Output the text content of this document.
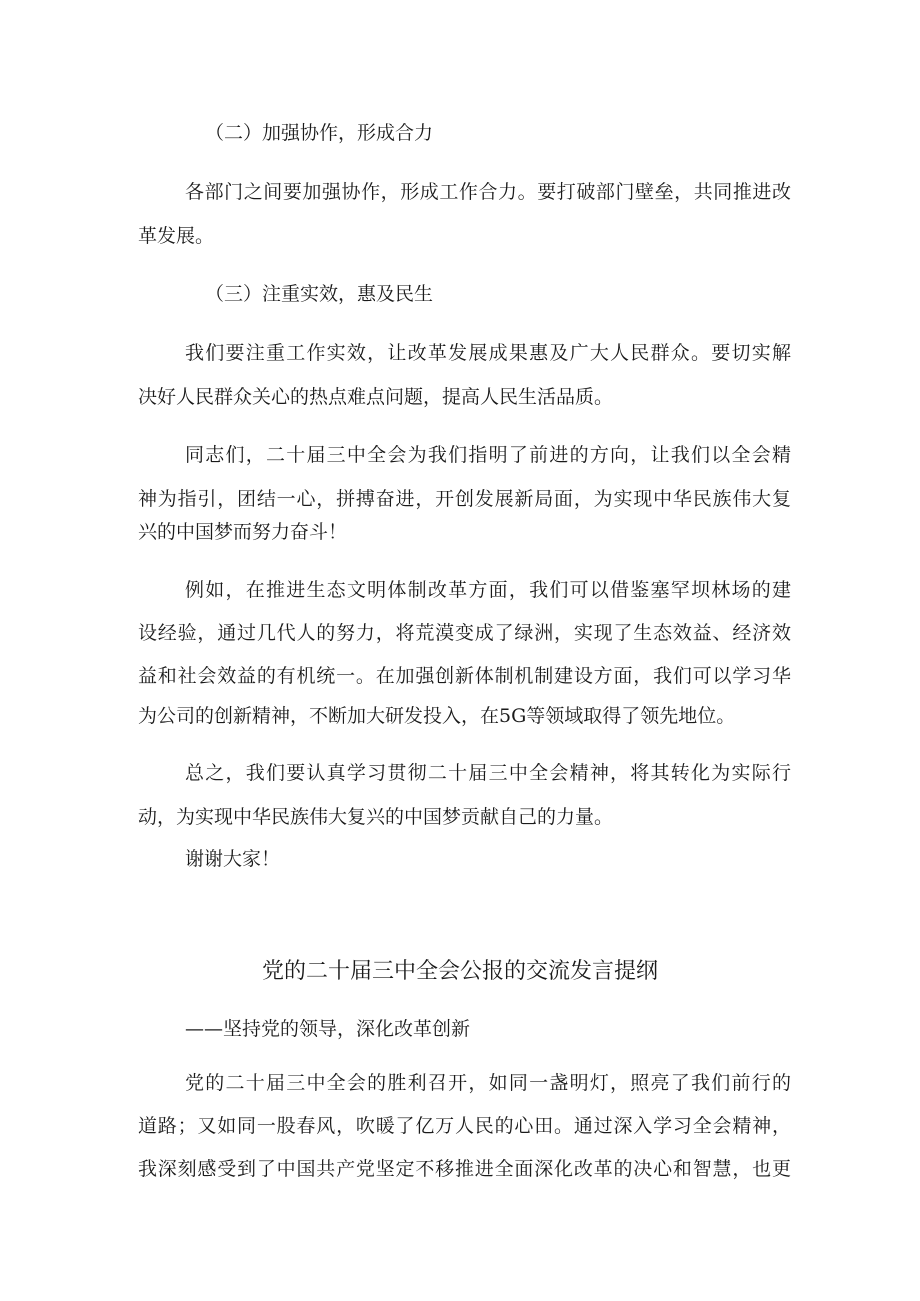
（二）加强协作，形成合力
各部门之间要加强协作，形成工作合力。要打破部门壁垒，共同推进改
革发展。
（三）注重实效，惠及民生
我们要注重工作实效，让改革发展成果惠及广大人民群众。要切实解
决好人民群众关心的热点难点问题，提高人民生活品质。
同志们，二十届三中全会为我们指明了前进的方向，让我们以全会精
神为指引，团结一心，拼搏奋进，开创发展新局面，为实现中华民族伟大复
兴的中国梦而努力奋斗！
例如，在推进生态文明体制改革方面，我们可以借鉴塞罕坝林场的建
设经验，通过几代人的努力，将荒漠变成了绿洲，实现了生态效益、经济效
益和社会效益的有机统一。在加强创新体制机制建设方面，我们可以学习华
为公司的创新精神，不断加大研发投入，在5G等领域取得了领先地位。
总之，我们要认真学习贯彻二十届三中全会精神，将其转化为实际行
动，为实现中华民族伟大复兴的中国梦贡献自己的力量。
谢谢大家！
党的二十届三中全会公报的交流发言提纲
——坚持党的领导，深化改革创新
党的二十届三中全会的胜利召开，如同一盏明灯，照亮了我们前行的
道路；又如同一股春风，吹暖了亿万人民的心田。通过深入学习全会精神，
我深刻感受到了中国共产党坚定不移推进全面深化改革的决心和智慧，也更
